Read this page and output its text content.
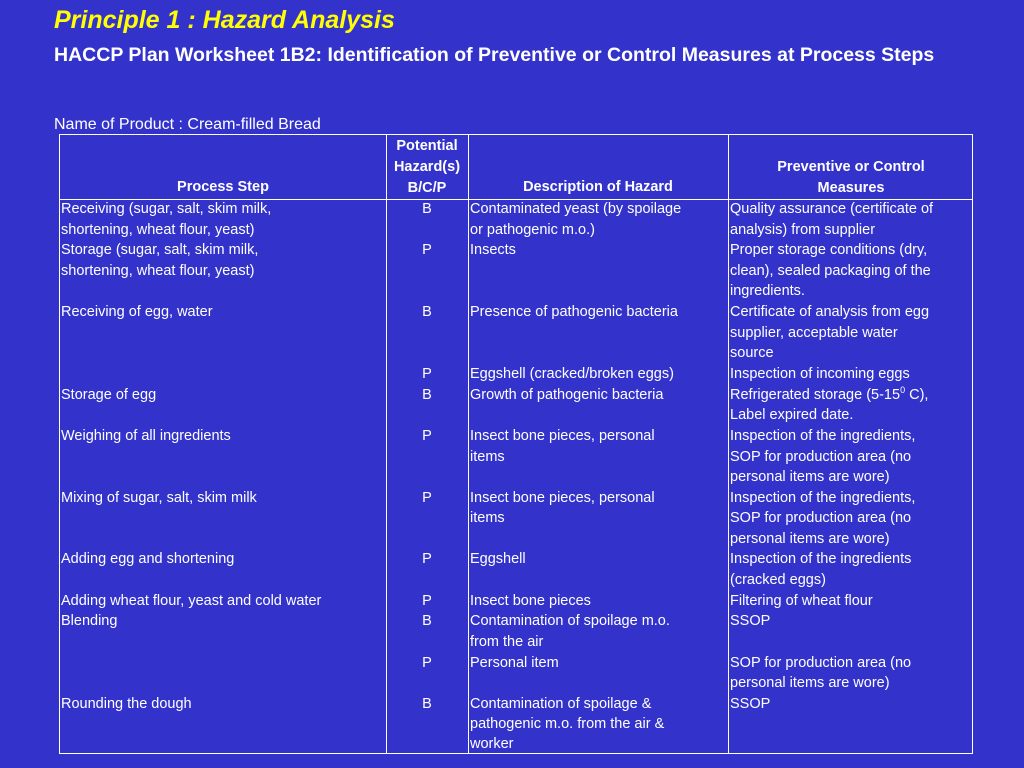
Principle 1 : Hazard Analysis
HACCP Plan Worksheet 1B2: Identification of Preventive or Control Measures at Process Steps

Name of Product : Cream-filled Bread

Process Step
Potential
Hazard(s)
B/C/P	Description of Hazard
Preventive or Control
Measures
Receiving (sugar, salt, skim milk,
shortening, wheat flour, yeast)
Storage (sugar, salt, skim milk,
shortening, wheat flour, yeast)
Receiving of egg, water
Storage of egg
Weighing of all ingredients
Mixing of sugar, salt, skim milk
Adding egg and shortening
Adding wheat flour, yeast and cold water
Blending
Rounding the dough
B
P
B
P
B
P
P
P
P
B
P
B
Contaminated yeast (by spoilage
or pathogenic m.o.)
Insects
Presence of pathogenic bacteria
Eggshell (cracked/broken eggs)
Growth of pathogenic bacteria
Insect bone pieces, personal
items
Insect bone pieces, personal
items
Eggshell
Insect bone pieces
Contamination of spoilage m.o.
from the air
Personal item
Contamination of spoilage &
pathogenic m.o. from the air &
worker
Quality assurance (certificate of
analysis) from supplier
Proper storage conditions (dry,
clean), sealed packaging of the
ingredients.
Certificate of analysis from egg
supplier, acceptable water
source
Inspection of incoming eggs
Refrigerated storage ($5-15^0$ C),
Label expired date.
Inspection of the ingredients,
SOP for production area (no
personal items are wore)
Inspection of the ingredients,
SOP for production area (no
personal items are wore)
Inspection of the ingredients
(cracked eggs)
Filtering of wheat flour
SSOP
SOP for production area (no
personal items are wore)
SSOP
